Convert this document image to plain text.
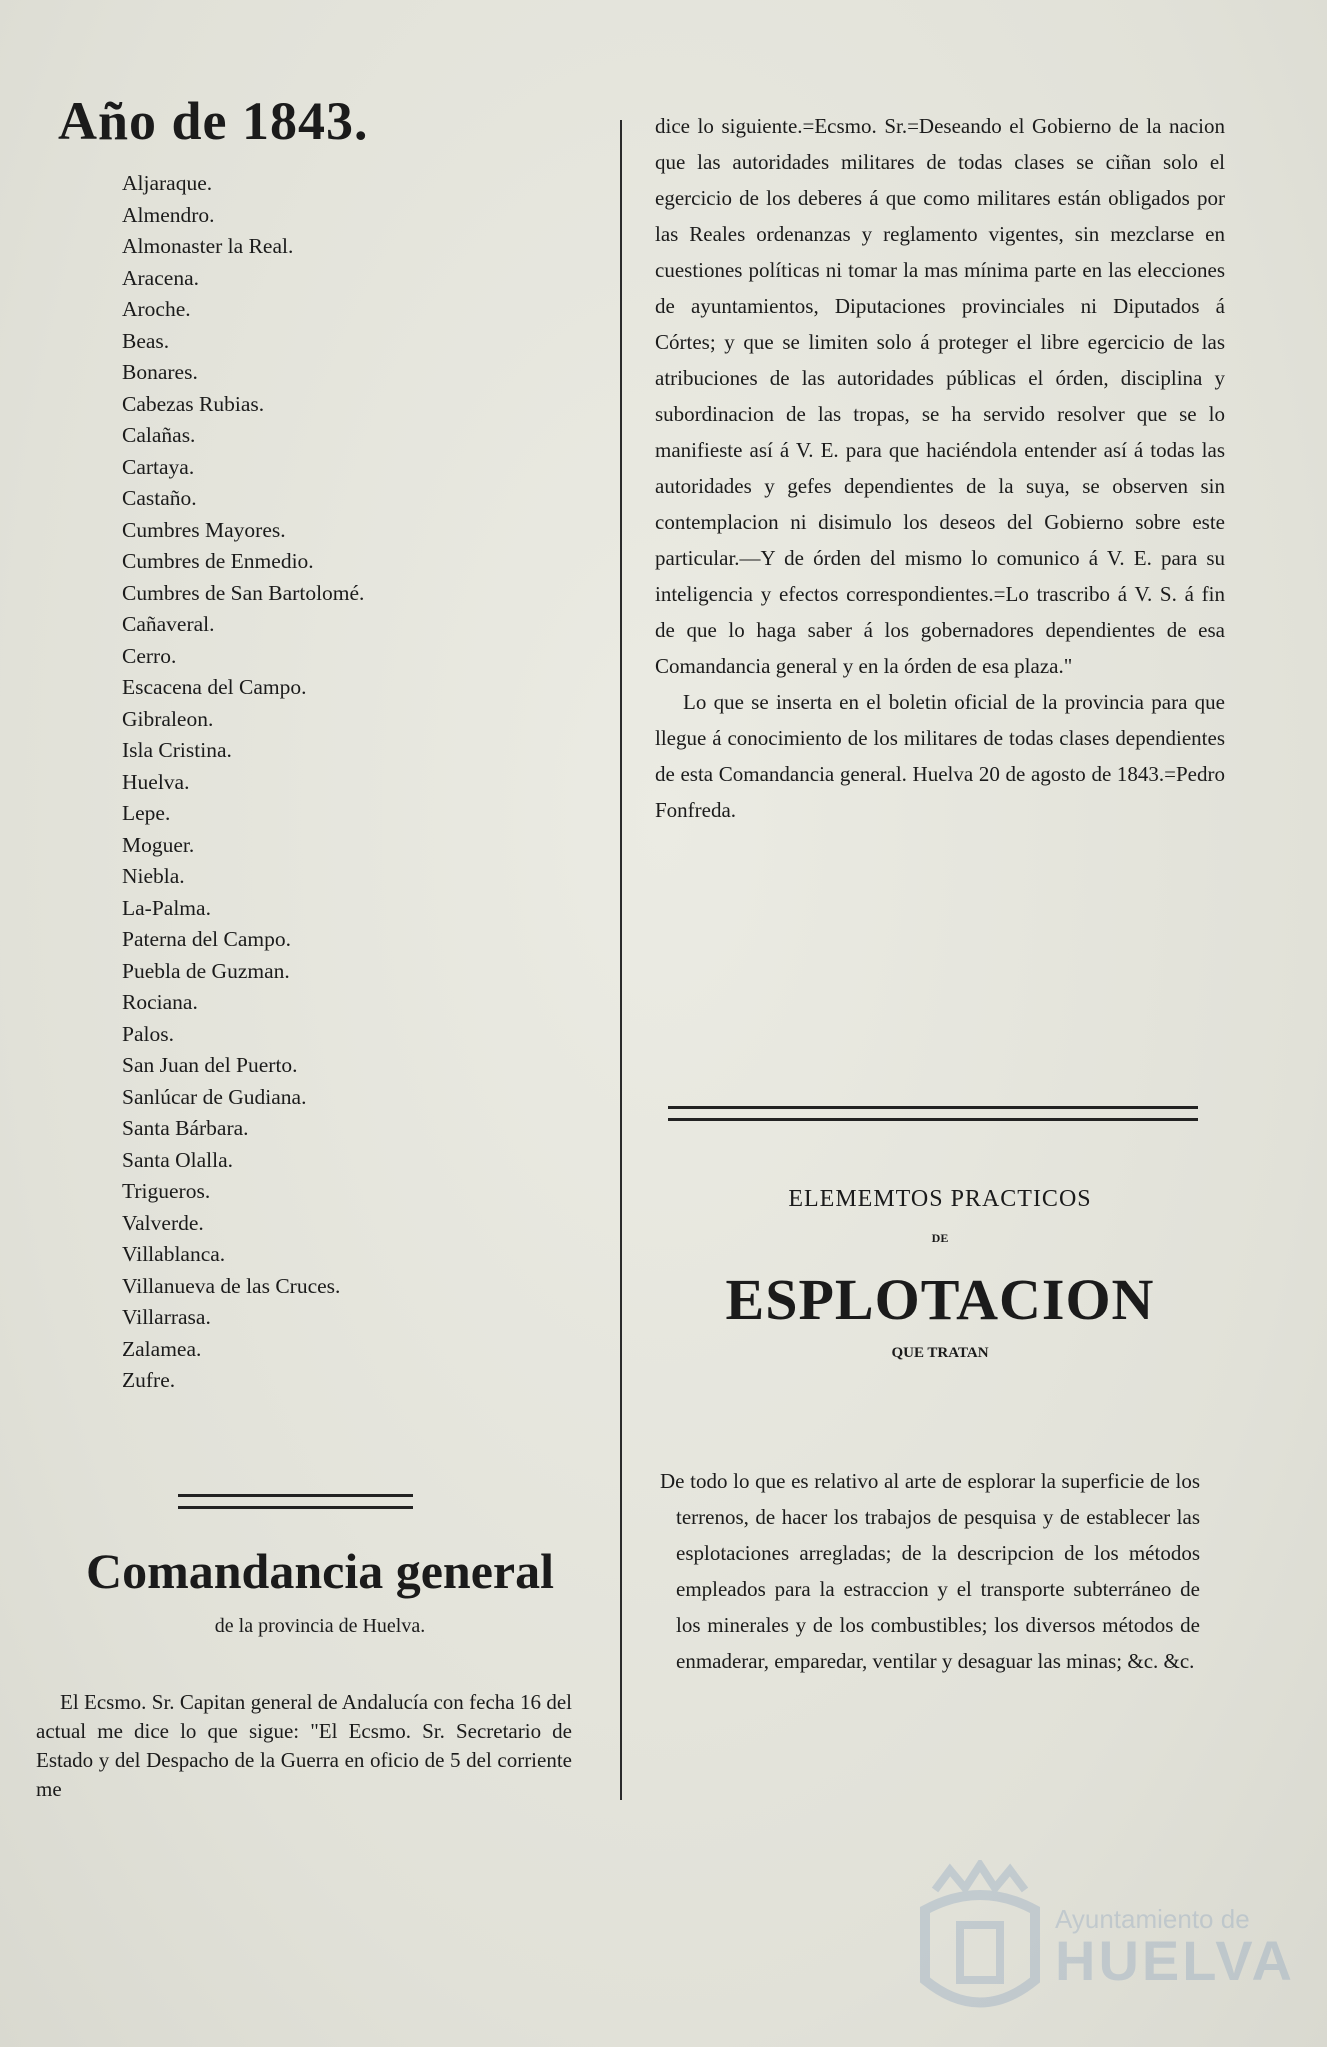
Año de 1843.
Aljaraque.
Almendro.
Almonaster la Real.
Aracena.
Aroche.
Beas.
Bonares.
Cabezas Rubias.
Calañas.
Cartaya.
Castaño.
Cumbres Mayores.
Cumbres de Enmedio.
Cumbres de San Bartolomé.
Cañaveral.
Cerro.
Escacena del Campo.
Gibraleon.
Isla Cristina.
Huelva.
Lepe.
Moguer.
Niebla.
La-Palma.
Paterna del Campo.
Puebla de Guzman.
Rociana.
Palos.
San Juan del Puerto.
Sanlúcar de Gudiana.
Santa Bárbara.
Santa Olalla.
Trigueros.
Valverde.
Villablanca.
Villanueva de las Cruces.
Villarrasa.
Zalamea.
Zufre.
Comandancia general
de la provincia de Huelva.

El Ecsmo. Sr. Capitan general de Andalucía con fecha 16 del actual me dice lo que sigue: "El Ecsmo. Sr. Secretario de Estado y del Despacho de la Guerra en oficio de 5 del corriente me

dice lo siguiente.=Ecsmo. Sr.=Deseando el Gobierno de la nacion que las autoridades militares de todas clases se ciñan solo el egercicio de los deberes á que como militares están obligados por las Reales ordenanzas y reglamento vigentes, sin mezclarse en cuestiones políticas ni tomar la mas mínima parte en las elecciones de ayuntamientos, Diputaciones provinciales ni Diputados á Córtes; y que se limiten solo á proteger el libre egercicio de las atribuciones de las autoridades públicas el órden, disciplina y subordinacion de las tropas, se ha servido resolver que se lo manifieste así á V. E. para que haciéndola entender así á todas las autoridades y gefes dependientes de la suya, se observen sin contemplacion ni disimulo los deseos del Gobierno sobre este particular.—Y de órden del mismo lo comunico á V. E. para su inteligencia y efectos correspondientes.=Lo trascribo á V. S. á fin de que lo haga saber á los gobernadores dependientes de esa Comandancia general y en la órden de esa plaza."

Lo que se inserta en el boletin oficial de la provincia para que llegue á conocimiento de los militares de todas clases dependientes de esta Comandancia general. Huelva 20 de agosto de 1843.=Pedro Fonfreda.

ELEMEMTOS PRACTICOS
DE
ESPLOTACION
QUE TRATAN

De todo lo que es relativo al arte de esplorar la superficie de los terrenos, de hacer los trabajos de pesquisa y de establecer las esplotaciones arregladas; de la descripcion de los métodos empleados para la estraccion y el transporte subterráneo de los minerales y de los combustibles; los diversos métodos de enmaderar, emparedar, ventilar y desaguar las minas; &c. &c.

Ayuntamiento de
HUELVA
